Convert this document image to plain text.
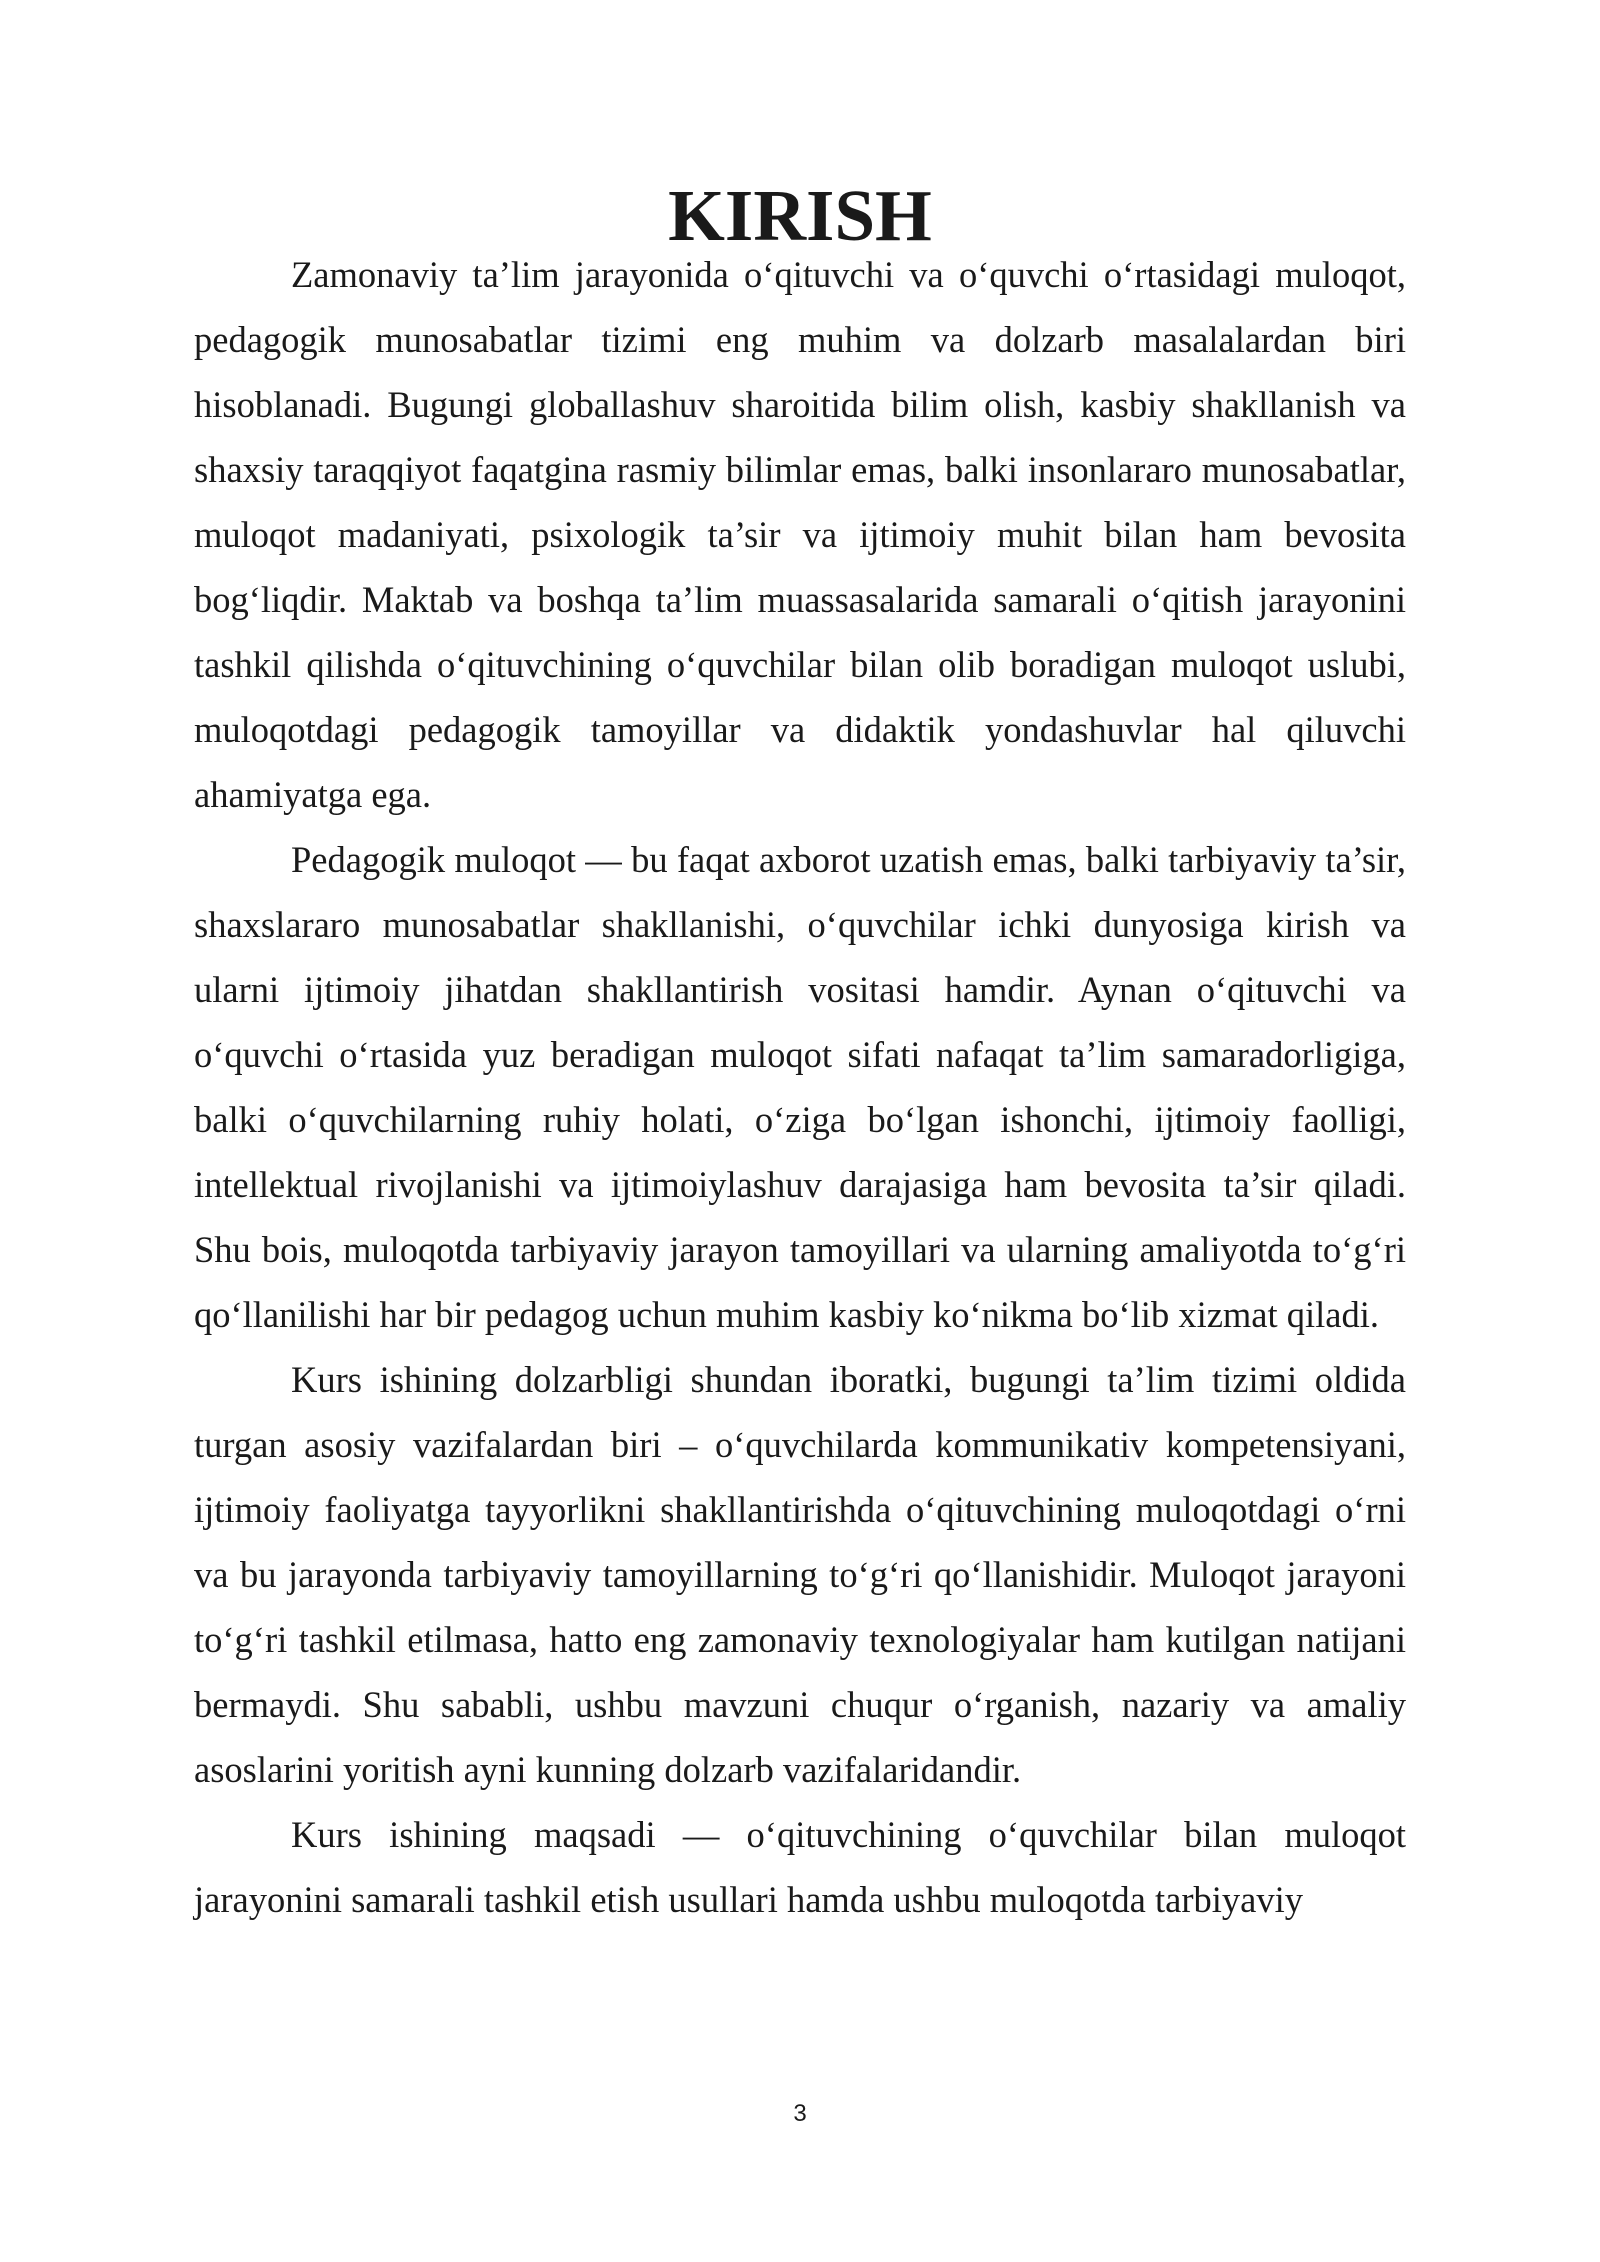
KIRISH

Zamonaviy ta’lim jarayonida o‘qituvchi va o‘quvchi o‘rtasidagi muloqot, pedagogik munosabatlar tizimi eng muhim va dolzarb masalalardan biri hisoblanadi. Bugungi globallashuv sharoitida bilim olish, kasbiy shakllanish va shaxsiy taraqqiyot faqatgina rasmiy bilimlar emas, balki insonlararo munosabatlar, muloqot madaniyati, psixologik ta’sir va ijtimoiy muhit bilan ham bevosita bog‘liqdir. Maktab va boshqa ta’lim muassasalarida samarali o‘qitish jarayonini tashkil qilishda o‘qituvchining o‘quvchilar bilan olib boradigan muloqot uslubi, muloqotdagi pedagogik tamoyillar va didaktik yondashuvlar hal qiluvchi ahamiyatga ega.

Pedagogik muloqot — bu faqat axborot uzatish emas, balki tarbiyaviy ta’sir, shaxslararo munosabatlar shakllanishi, o‘quvchilar ichki dunyosiga kirish va ularni ijtimoiy jihatdan shakllantirish vositasi hamdir. Aynan o‘qituvchi va o‘quvchi o‘rtasida yuz beradigan muloqot sifati nafaqat ta’lim samaradorligiga, balki o‘quvchilarning ruhiy holati, o‘ziga bo‘lgan ishonchi, ijtimoiy faolligi, intellektual rivojlanishi va ijtimoiylashuv darajasiga ham bevosita ta’sir qiladi. Shu bois, muloqotda tarbiyaviy jarayon tamoyillari va ularning amaliyotda to‘g‘ri qo‘llanilishi har bir pedagog uchun muhim kasbiy ko‘nikma bo‘lib xizmat qiladi.

Kurs ishining dolzarbligi shundan iboratki, bugungi ta’lim tizimi oldida turgan asosiy vazifalardan biri – o‘quvchilarda kommunikativ kompetensiyani, ijtimoiy faoliyatga tayyorlikni shakllantirishda o‘qituvchining muloqotdagi o‘rni va bu jarayonda tarbiyaviy tamoyillarning to‘g‘ri qo‘llanishidir. Muloqot jarayoni to‘g‘ri tashkil etilmasa, hatto eng zamonaviy texnologiyalar ham kutilgan natijani bermaydi. Shu sababli, ushbu mavzuni chuqur o‘rganish, nazariy va amaliy asoslarini yoritish ayni kunning dolzarb vazifalaridandir.

Kurs ishining maqsadi — o‘qituvchining o‘quvchilar bilan muloqot jarayonini samarali tashkil etish usullari hamda ushbu muloqotda tarbiyaviy

3
